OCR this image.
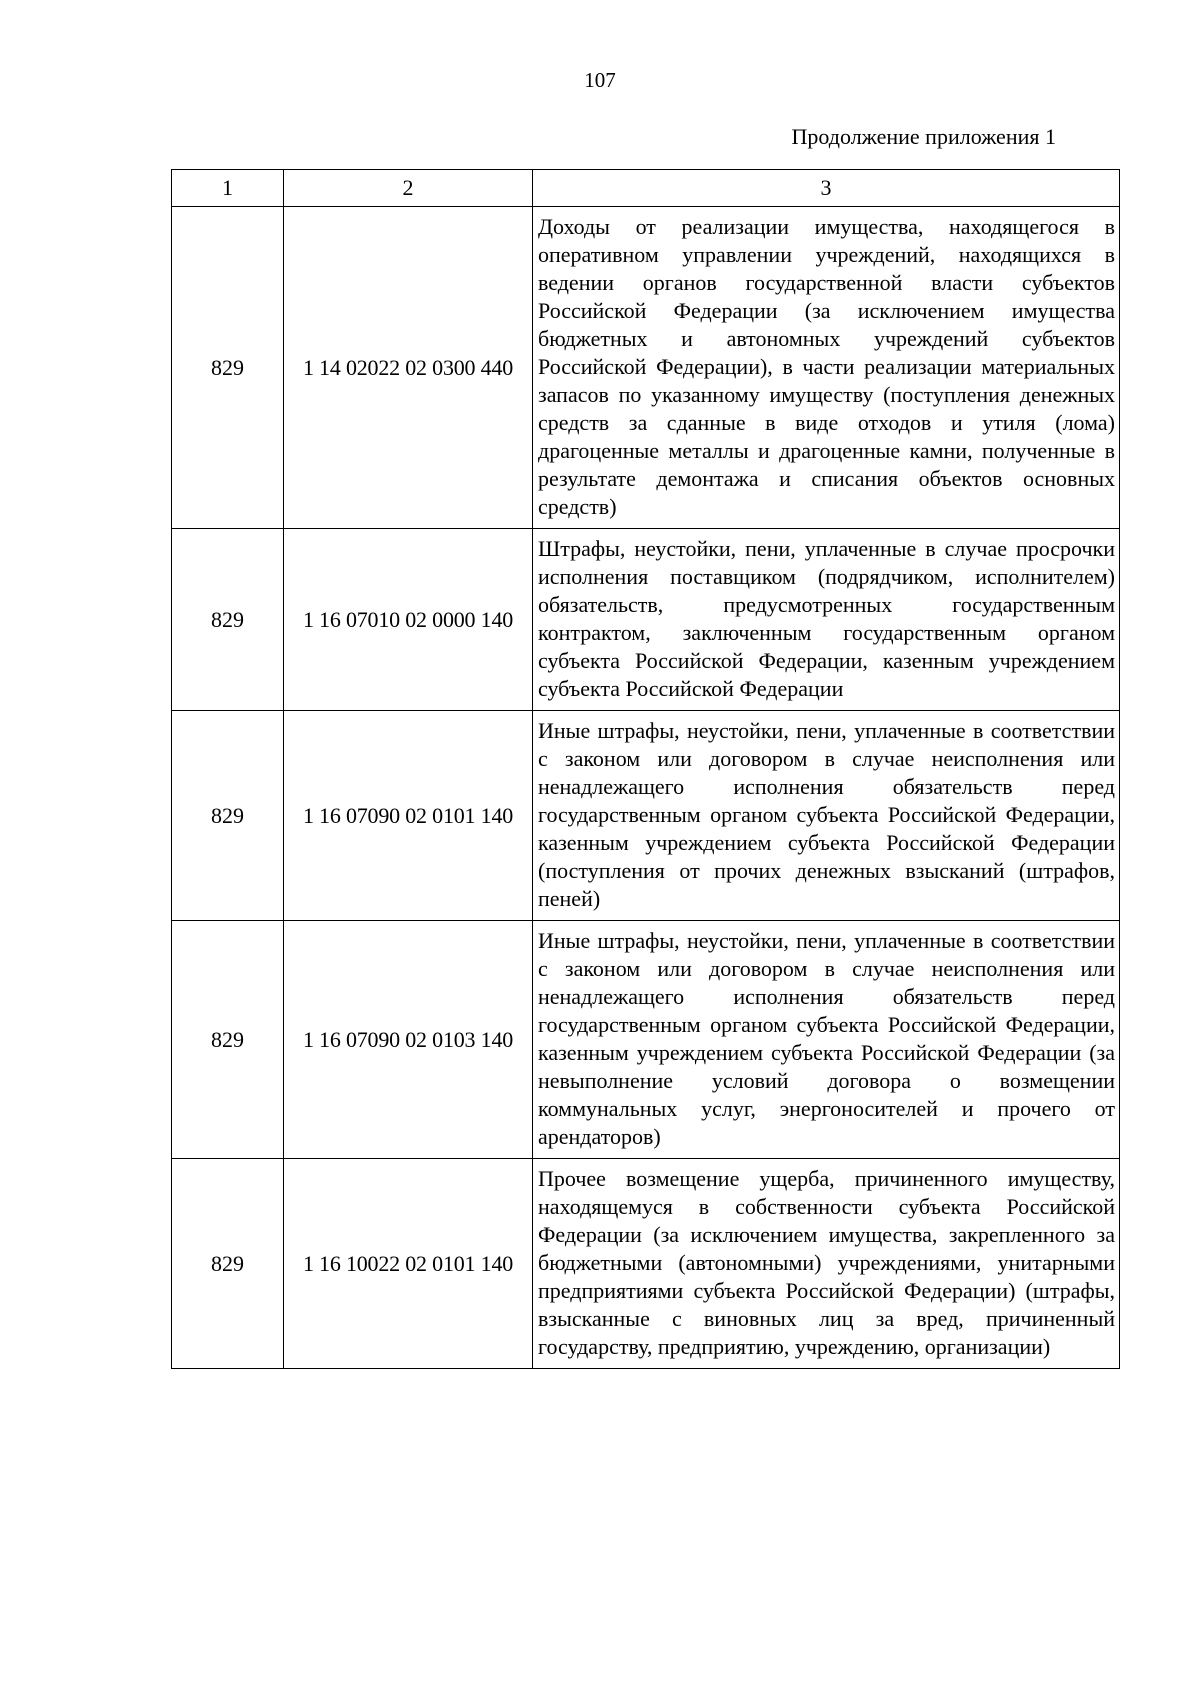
107
Продолжение приложения 1
1	2	3
829	1 14 02022 02 0300 440	Доходы от реализации имущества, находящегося в оперативном управлении учреждений, находящихся в ведении органов государственной власти субъектов Российской Федерации (за исключением имущества бюджетных и автономных учреждений субъектов Российской Федерации), в части реализации материальных запасов по указанному имуществу (поступления денежных средств за сданные в виде отходов и утиля (лома) драгоценные металлы и драгоценные камни, полученные в результате демонтажа и списания объектов основных средств)
829	1 16 07010 02 0000 140	Штрафы, неустойки, пени, уплаченные в случае просрочки исполнения поставщиком (подрядчиком, исполнителем) обязательств, предусмотренных государственным контрактом, заключенным государственным органом субъекта Российской Федерации, казенным учреждением субъекта Российской Федерации
829	1 16 07090 02 0101 140	Иные штрафы, неустойки, пени, уплаченные в соответствии с законом или договором в случае неисполнения или ненадлежащего исполнения обязательств перед государственным органом субъекта Российской Федерации, казенным учреждением субъекта Российской Федерации (поступления от прочих денежных взысканий (штрафов, пеней)
829	1 16 07090 02 0103 140	Иные штрафы, неустойки, пени, уплаченные в соответствии с законом или договором в случае неисполнения или ненадлежащего исполнения обязательств перед государственным органом субъекта Российской Федерации, казенным учреждением субъекта Российской Федерации (за невыполнение условий договора о возмещении коммунальных услуг, энергоносителей и прочего от арендаторов)
829	1 16 10022 02 0101 140	Прочее возмещение ущерба, причиненного имуществу, находящемуся в собственности субъекта Российской Федерации (за исключением имущества, закрепленного за бюджетными (автономными) учреждениями, унитарными предприятиями субъекта Российской Федерации) (штрафы, взысканные с виновных лиц за вред, причиненный государству, предприятию, учреждению, организации)
